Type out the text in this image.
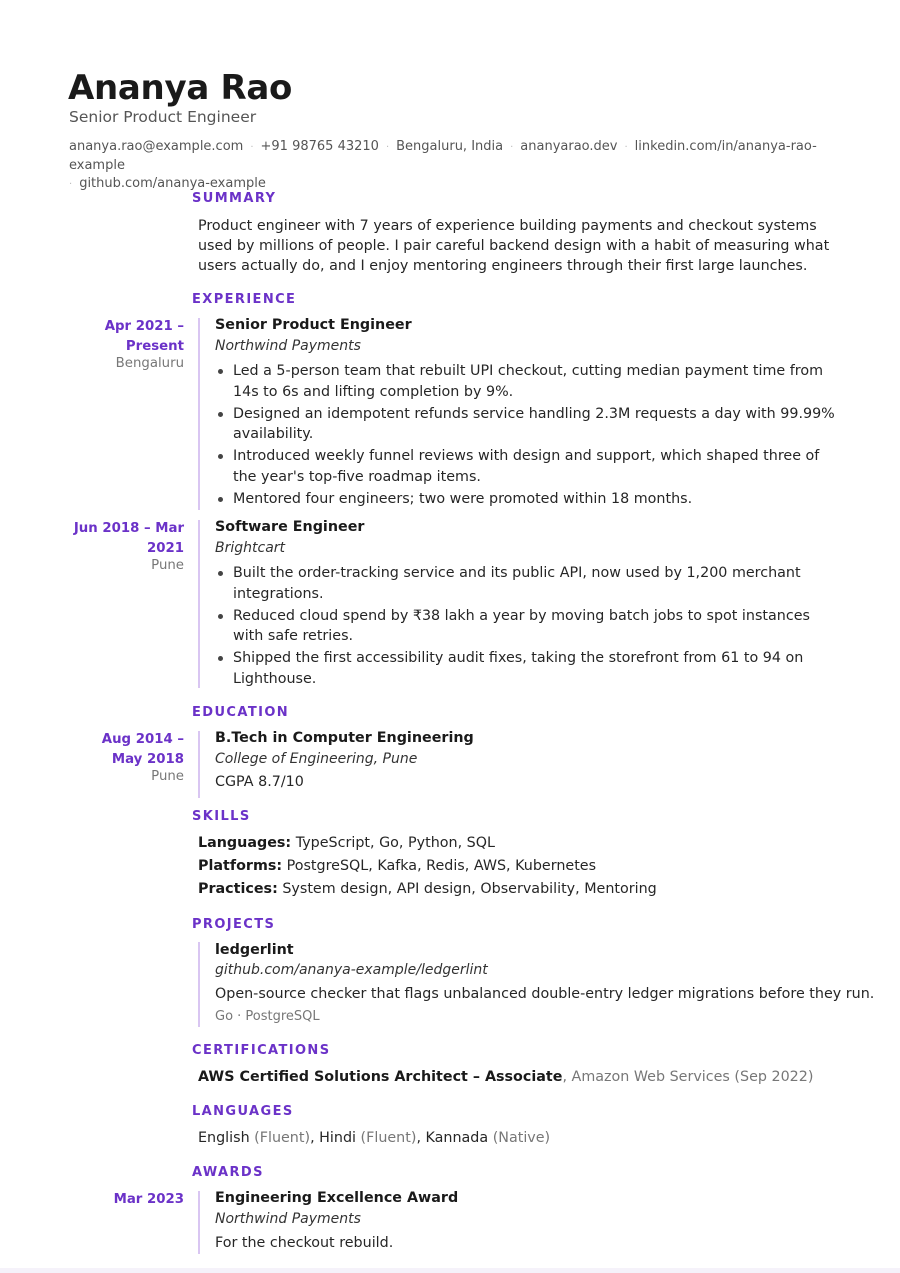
Ananya Rao
Senior Product Engineer
ananya.rao@example.com · +91 98765 43210 · Bengaluru, India · ananyarao.dev · linkedin.com/in/ananya-rao-example
· github.com/ananya-example
SUMMARY
Product engineer with 7 years of experience building payments and checkout systems used by millions of people. I pair careful backend design with a habit of measuring what users actually do, and I enjoy mentoring engineers through their first large launches.
EXPERIENCE
Apr 2021 – Present
Bengaluru
Senior Product Engineer
Northwind Payments
Led a 5-person team that rebuilt UPI checkout, cutting median payment time from 14s to 6s and lifting completion by 9%.
Designed an idempotent refunds service handling 2.3M requests a day with 99.99% availability.
Introduced weekly funnel reviews with design and support, which shaped three of the year's top-five roadmap items.
Mentored four engineers; two were promoted within 18 months.
Jun 2018 – Mar 2021
Pune
Software Engineer
Brightcart
Built the order-tracking service and its public API, now used by 1,200 merchant integrations.
Reduced cloud spend by ₹38 lakh a year by moving batch jobs to spot instances with safe retries.
Shipped the first accessibility audit fixes, taking the storefront from 61 to 94 on Lighthouse.
EDUCATION
Aug 2014 – May 2018
Pune
B.Tech in Computer Engineering
College of Engineering, Pune
CGPA 8.7/10
SKILLS
Languages: TypeScript, Go, Python, SQL
Platforms: PostgreSQL, Kafka, Redis, AWS, Kubernetes
Practices: System design, API design, Observability, Mentoring
PROJECTS
ledgerlint
github.com/ananya-example/ledgerlint
Open-source checker that flags unbalanced double-entry ledger migrations before they run.
Go · PostgreSQL
CERTIFICATIONS
AWS Certified Solutions Architect – Associate, Amazon Web Services (Sep 2022)
LANGUAGES
English (Fluent), Hindi (Fluent), Kannada (Native)
AWARDS
Mar 2023 Engineering Excellence Award
Northwind Payments
For the checkout rebuild.
